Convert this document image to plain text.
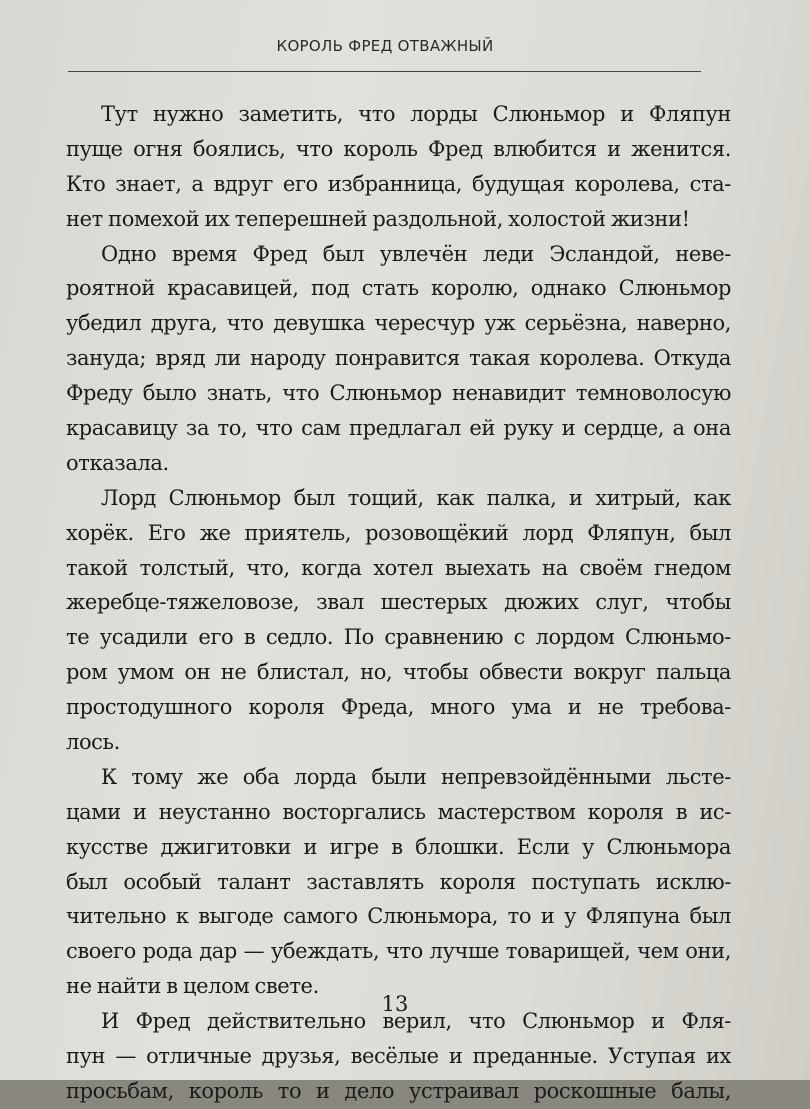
КОРОЛЬ ФРЕД ОТВАЖНЫЙ
Тут нужно заметить, что лорды Слюньмор и Фляпун
пуще огня боялись, что король Фред влюбится и женится.
Кто знает, а вдруг его избранница, будущая королева, ста-
нет помехой их теперешней раздольной, холостой жизни!
Одно время Фред был увлечён леди Эсландой, неве-
роятной красавицей, под стать королю, однако Слюньмор
убедил друга, что девушка чересчур уж серьёзна, наверно,
зануда; вряд ли народу понравится такая королева. Откуда
Фреду было знать, что Слюньмор ненавидит темноволосую
красавицу за то, что сам предлагал ей руку и сердце, а она
отказала.
Лорд Слюньмор был тощий, как палка, и хитрый, как
хорёк. Его же приятель, розовощёкий лорд Фляпун, был
такой толстый, что, когда хотел выехать на своём гнедом
жеребце-тяжеловозе, звал шестерых дюжих слуг, чтобы
те усадили его в седло. По сравнению с лордом Слюньмо-
ром умом он не блистал, но, чтобы обвести вокруг пальца
простодушного короля Фреда, много ума и не требова-
лось.
К тому же оба лорда были непревзойдёнными льсте-
цами и неустанно восторгались мастерством короля в ис-
кусстве джигитовки и игре в блошки. Если у Слюньмора
был особый талант заставлять короля поступать исклю-
чительно к выгоде самого Слюньмора, то и у Фляпуна был
своего рода дар — убеждать, что лучше товарищей, чем они,
не найти в целом свете.
И Фред действительно верил, что Слюньмор и Фля-
пун — отличные друзья, весёлые и преданные. Уступая их
просьбам, король то и дело устраивал роскошные балы,
13
